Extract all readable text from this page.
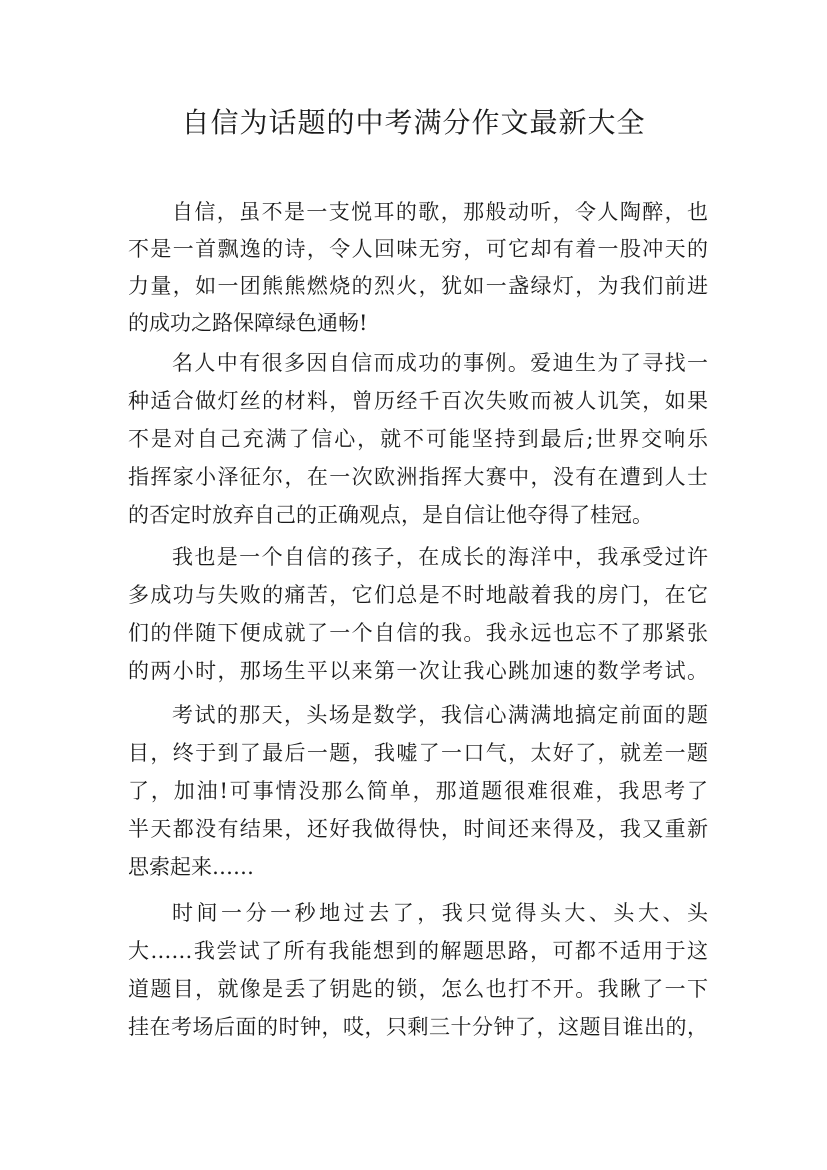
自信为话题的中考满分作文最新大全
自信，虽不是一支悦耳的歌，那般动听，令人陶醉，也
不是一首飘逸的诗，令人回味无穷，可它却有着一股冲天的
力量，如一团熊熊燃烧的烈火，犹如一盏绿灯，为我们前进
的成功之路保障绿色通畅!
名人中有很多因自信而成功的事例。爱迪生为了寻找一
种适合做灯丝的材料，曾历经千百次失败而被人讥笑，如果
不是对自己充满了信心，就不可能坚持到最后;世界交响乐
指挥家小泽征尔，在一次欧洲指挥大赛中，没有在遭到人士
的否定时放弃自己的正确观点，是自信让他夺得了桂冠。
我也是一个自信的孩子，在成长的海洋中，我承受过许
多成功与失败的痛苦，它们总是不时地敲着我的房门，在它
们的伴随下便成就了一个自信的我。我永远也忘不了那紧张
的两小时，那场生平以来第一次让我心跳加速的数学考试。
考试的那天，头场是数学，我信心满满地搞定前面的题
目，终于到了最后一题，我嘘了一口气，太好了，就差一题
了，加油!可事情没那么简单，那道题很难很难，我思考了
半天都没有结果，还好我做得快，时间还来得及，我又重新
思索起来……
时间一分一秒地过去了，我只觉得头大、头大、头
大……我尝试了所有我能想到的解题思路，可都不适用于这
道题目，就像是丢了钥匙的锁，怎么也打不开。我瞅了一下
挂在考场后面的时钟，哎，只剩三十分钟了，这题目谁出的，
